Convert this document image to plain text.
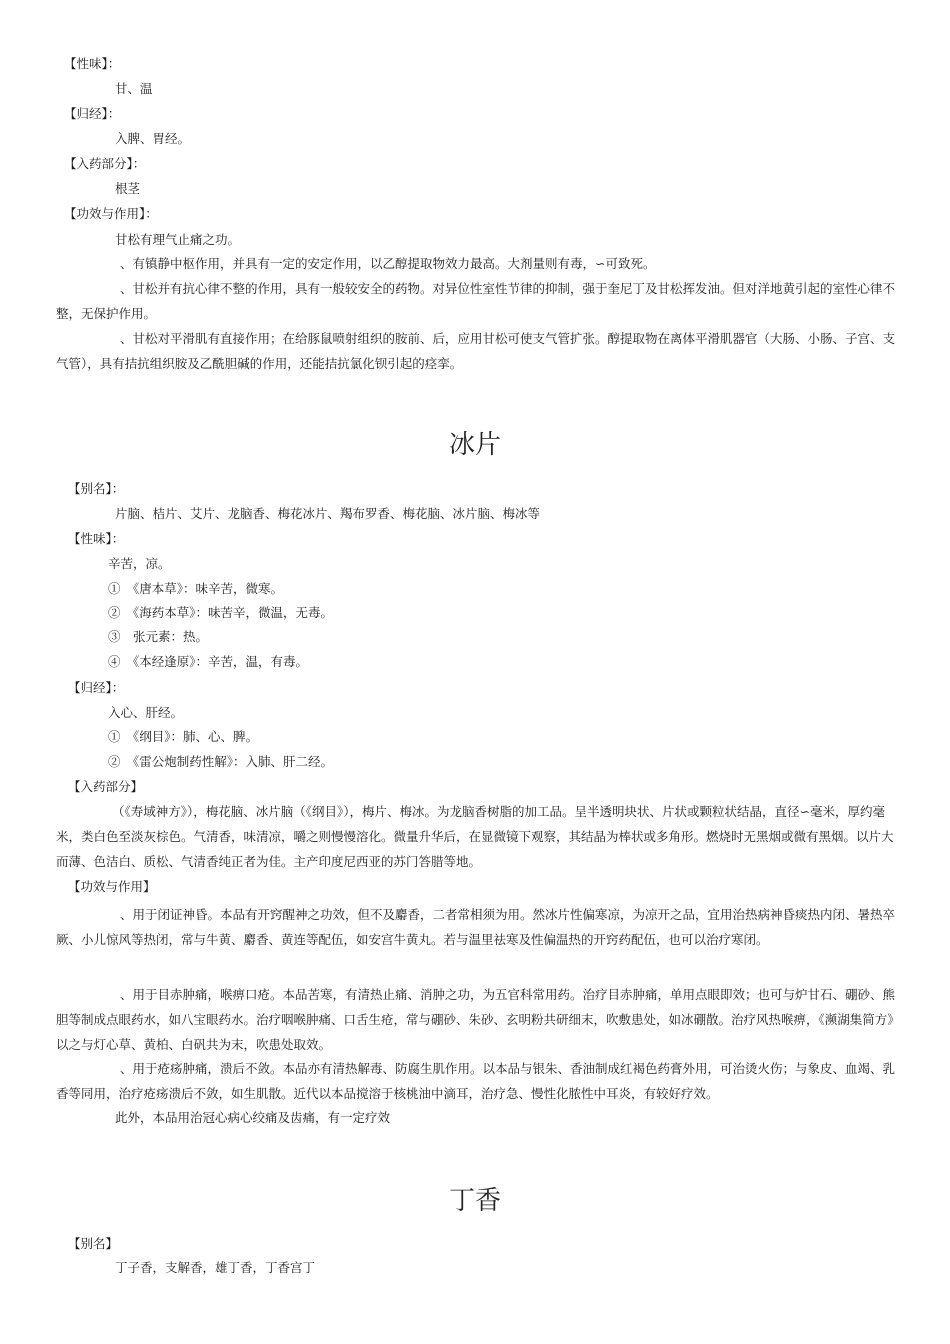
【性味】：
甘、温
【归经】：
入脾、胃经。
【入药部分】：
根茎
【功效与作用】：
甘松有理气止痛之功。
、有镇静中枢作用，并具有一定的安定作用，以乙醇提取物效力最高。大剂量则有毒，∽可致死。
、甘松并有抗心律不整的作用，具有一般较安全的药物。对异位性室性节律的抑制，强于奎尼丁及甘松挥发油。但对洋地黄引起的室性心律不整，无保护作用。
、甘松对平滑肌有直接作用；在给豚鼠喷射组织的胺前、后，应用甘松可使支气管扩张。醇提取物在离体平滑肌器官（大肠、小肠、子宫、支气管），具有拮抗组织胺及乙酰胆碱的作用，还能拮抗氯化钡引起的痉挛。
冰片
【别名】：
片脑、桔片、艾片、龙脑香、梅花冰片、羯布罗香、梅花脑、冰片脑、梅冰等
【性味】：
辛苦，凉。
①　《唐本草》：味辛苦，微寒。
②　《海药本草》：味苦辛，微温，无毒。
③　张元素：热。
④　《本经逢原》：辛苦，温，有毒。
【归经】：
入心、肝经。
①　《纲目》：肺、心、脾。
②　《雷公炮制药性解》：入肺、肝二经。
【入药部分】
（《寿域神方》），梅花脑、冰片脑（《纲目》），梅片、梅冰。为龙脑香树脂的加工品。呈半透明块状、片状或颗粒状结晶，直径∽毫米，厚约毫米，类白色至淡灰棕色。气清香，味清凉，嚼之则慢慢溶化。微量升华后，在显微镜下观察，其结晶为棒状或多角形。燃烧时无黑烟或微有黑烟。以片大而薄、色洁白、质松、气清香纯正者为佳。主产印度尼西亚的苏门答腊等地。
【功效与作用】
、用于闭证神昏。本品有开窍醒神之功效，但不及麝香，二者常相须为用。然冰片性偏寒凉，为凉开之品，宜用治热病神昏痰热内闭、暑热卒厥、小儿惊风等热闭，常与牛黄、麝香、黄连等配伍，如安宫牛黄丸。若与温里祛寒及性偏温热的开窍药配伍，也可以治疗寒闭。
、用于目赤肿痛，喉痹口疮。本品苦寒，有清热止痛、消肿之功，为五官科常用药。治疗目赤肿痛，单用点眼即效；也可与炉甘石、硼砂、熊胆等制成点眼药水，如八宝眼药水。治疗咽喉肿痛、口舌生疮，常与硼砂、朱砂、玄明粉共研细末，吹敷患处，如冰硼散。治疗风热喉痹，《濒湖集简方》以之与灯心草、黄柏、白矾共为末，吹患处取效。
、用于疮疡肿痛，溃后不敛。本品亦有清热解毒、防腐生肌作用。以本品与银朱、香油制成红褐色药膏外用，可治烫火伤；与象皮、血竭、乳香等同用，治疗疮疡溃后不敛，如生肌散。近代以本品搅溶于核桃油中滴耳，治疗急、慢性化脓性中耳炎，有较好疗效。
此外，本品用治冠心病心绞痛及齿痛，有一定疗效
丁香
【别名】
丁子香，支解香，雄丁香，丁香宫丁
